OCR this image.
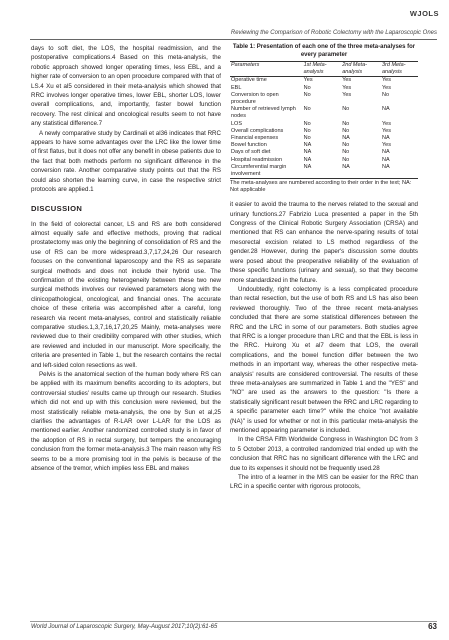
WJOLS
Reviewing the Comparison of Robotic Colectomy with the Laparoscopic Ones

days to soft diet, the LOS, the hospital readmission, and the postoperative complications.4 Based on this meta-analysis, the robotic approach showed longer operating times, less EBL, and a higher rate of conversion to an open procedure compared with that of LS.4 Xu et al5 considered in their meta-analysis which showed that RRC involves longer operative times, lower EBL, shorter LOS, lower overall complications, and, importantly, faster bowel function recovery. The rest clinical and oncological results seem to not have any statistical difference.7

A newly comparative study by Cardinali et al36 indicates that RRC appears to have some advantages over the LRC like the lower time of first flatus, but it does not offer any benefit in obese patients due to the fact that both methods perform no significant difference in the conversion rate. Another comparative study points out that the RS could also shorten the learning curve, in case the respective strict protocols are applied.1

DISCUSSION

In the field of colorectal cancer, LS and RS are both considered almost equally safe and effective methods, proving that radical prostatectomy was only the beginning of consolidation of RS and the use of RS can be more widespread.3,7,17,24,26 Our research focuses on the conventional laparoscopy and the RS as separate surgical methods and does not include their hybrid use. The confirmation of the existing heterogeneity between these two new surgical methods involves our reviewed parameters along with the clinicopathological, oncological, and financial ones. The accurate choice of these criteria was accomplished after a careful, long research via recent meta-analyses, control and statistically reliable comparative studies.1,3,7,16,17,20,25 Mainly, meta-analyses were reviewed due to their credibility compared with other studies, which are reviewed and included in our manuscript. More specifically, the criteria are presented in Table 1, but the research contains the rectal and left-sided colon resections as well.

Pelvis is the anatomical section of the human body where RS can be applied with its maximum benefits according to its adopters, but controversial studies' results came up through our research. Studies which did not end up with this conclusion were reviewed, but the most statistically reliable meta-analysis, the one by Sun et al,25 clarifies the advantages of R-LAR over L-LAR for the LOS as mentioned earlier. Another randomized controlled study is in favor of the adoption of RS in rectal surgery, but tempers the encouraging conclusion from the former meta-analysis.3 The main reason why RS seems to be a more promising tool in the pelvis is because of the absence of the tremor, which implies less EBL and makes

Table 1: Presentation of each one of the three meta-analyses for every parameter
Parameters	1st Meta-analysis	2nd Meta-analysis	3rd Meta-analysis
Operative time	Yes	Yes	Yes
EBL	No	Yes	Yes
Conversion to open procedure	No	Yes	No
Number of retrieved lymph nodes	No	No	NA
LOS	No	No	Yes
Overall complications	No	No	Yes
Financial expenses	No	NA	NA
Bowel function	NA	No	Yes
Days of soft diet	NA	No	NA
Hospital readmission	NA	No	NA
Circumferential margin involvement	NA	NA	NA
The meta-analyses are numbered according to their order in the text; NA: Not applicable

it easier to avoid the trauma to the nerves related to the sexual and urinary functions.27 Fabrizio Luca presented a paper in the 5th Congress of the Clinical Robotic Surgery Association (CRSA) and mentioned that RS can enhance the nerve-sparing results of total mesorectal excision related to LS method regardless of the gender.28 However, during the paper's discussion some doubts were posed about the preoperative reliability of the evaluation of these specific functions (urinary and sexual), so that they become more standardized in the future.

Undoubtedly, right colectomy is a less complicated procedure than rectal resection, but the use of both RS and LS has also been reviewed thoroughly. Two of the three recent meta-analyses concluded that there are some statistical differences between the RRC and the LRC in some of our parameters. Both studies agree that RRC is a longer procedure than LRC and that the EBL is less in the RRC. Huirong Xu et al7 deem that LOS, the overall complications, and the bowel function differ between the two methods in an important way, whereas the other respective meta-analysis' results are considered controversial. The results of these three meta-analyses are summarized in Table 1 and the "YES" and "NO" are used as the answers to the question: "Is there a statistically significant result between the RRC and LRC regarding to a specific parameter each time?" while the choice "not available (NA)" is used for whether or not in this particular meta-analysis the mentioned appearing parameter is included.

In the CRSA Fifth Worldwide Congress in Washington DC from 3 to 5 October 2013, a controlled randomized trial ended up with the conclusion that RRC has no significant difference with the LRC and due to its expenses it should not be frequently used.28

The intro of a learner in the MIS can be easier for the RRC than LRC in a specific center with rigorous protocols,

World Journal of Laparoscopic Surgery, May-August 2017;10(2):61-65	63
